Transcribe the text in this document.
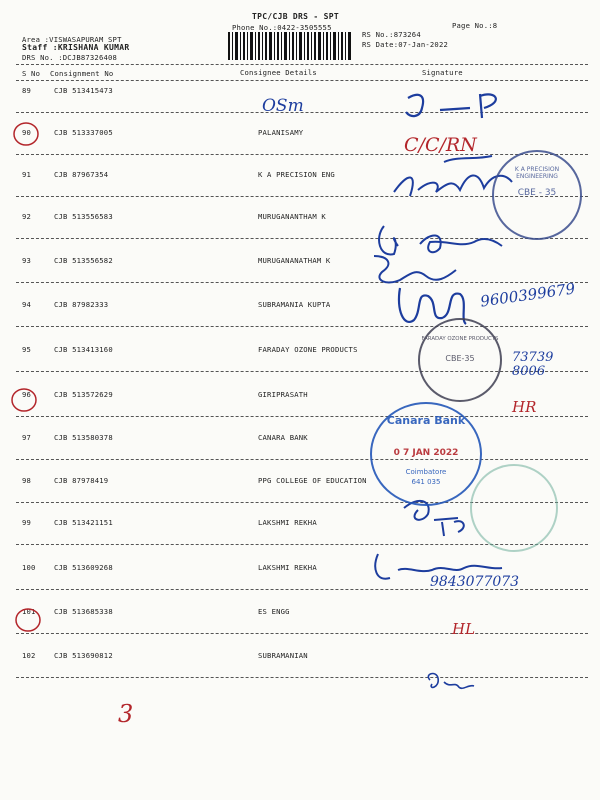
TPC/CJB DRS - SPT
Phone No.:0422-3505555	Page No.:8
Area :VISWASAPURAM SPT
Staff :KRISHANA KUMAR
DRS No. :DCJB87326408
RS No.:873264
RS Date:07-Jan-2022
S No Consignment No	Consignee Details	Signature
89	CJB 513415473
90	CJB 513337005	PALANISAMY
91	CJB 87967354	K A PRECISION ENG
92	CJB 513556583	MURUGANANTHAM K
93	CJB 513556582	MURUGANANATHAM K
94	CJB 87982333	SUBRAMANIA KUPTA
95	CJB 513413160	FARADAY OZONE PRODUCTS
96	CJB 513572629	GIRIPRASATH
97	CJB 513580378	CANARA BANK
98	CJB 87978419	PPG COLLEGE OF EDUCATION
99	CJB 513421151	LAKSHMI REKHA
100	CJB 513609268	LAKSHMI REKHA
101	CJB 513685338	ES ENGG
102	CJB 513690812	SUBRAMANIAN
OSm
C/C/RN
9600399679
73739
8006
HR
9843077073
HL
3
K A PRECISION ENGINEERING
CBE - 35
FARADAY OZONE PRODUCTS
CBE-35
Canara Bank
0 7 JAN 2022
Coimbatore
641 035
